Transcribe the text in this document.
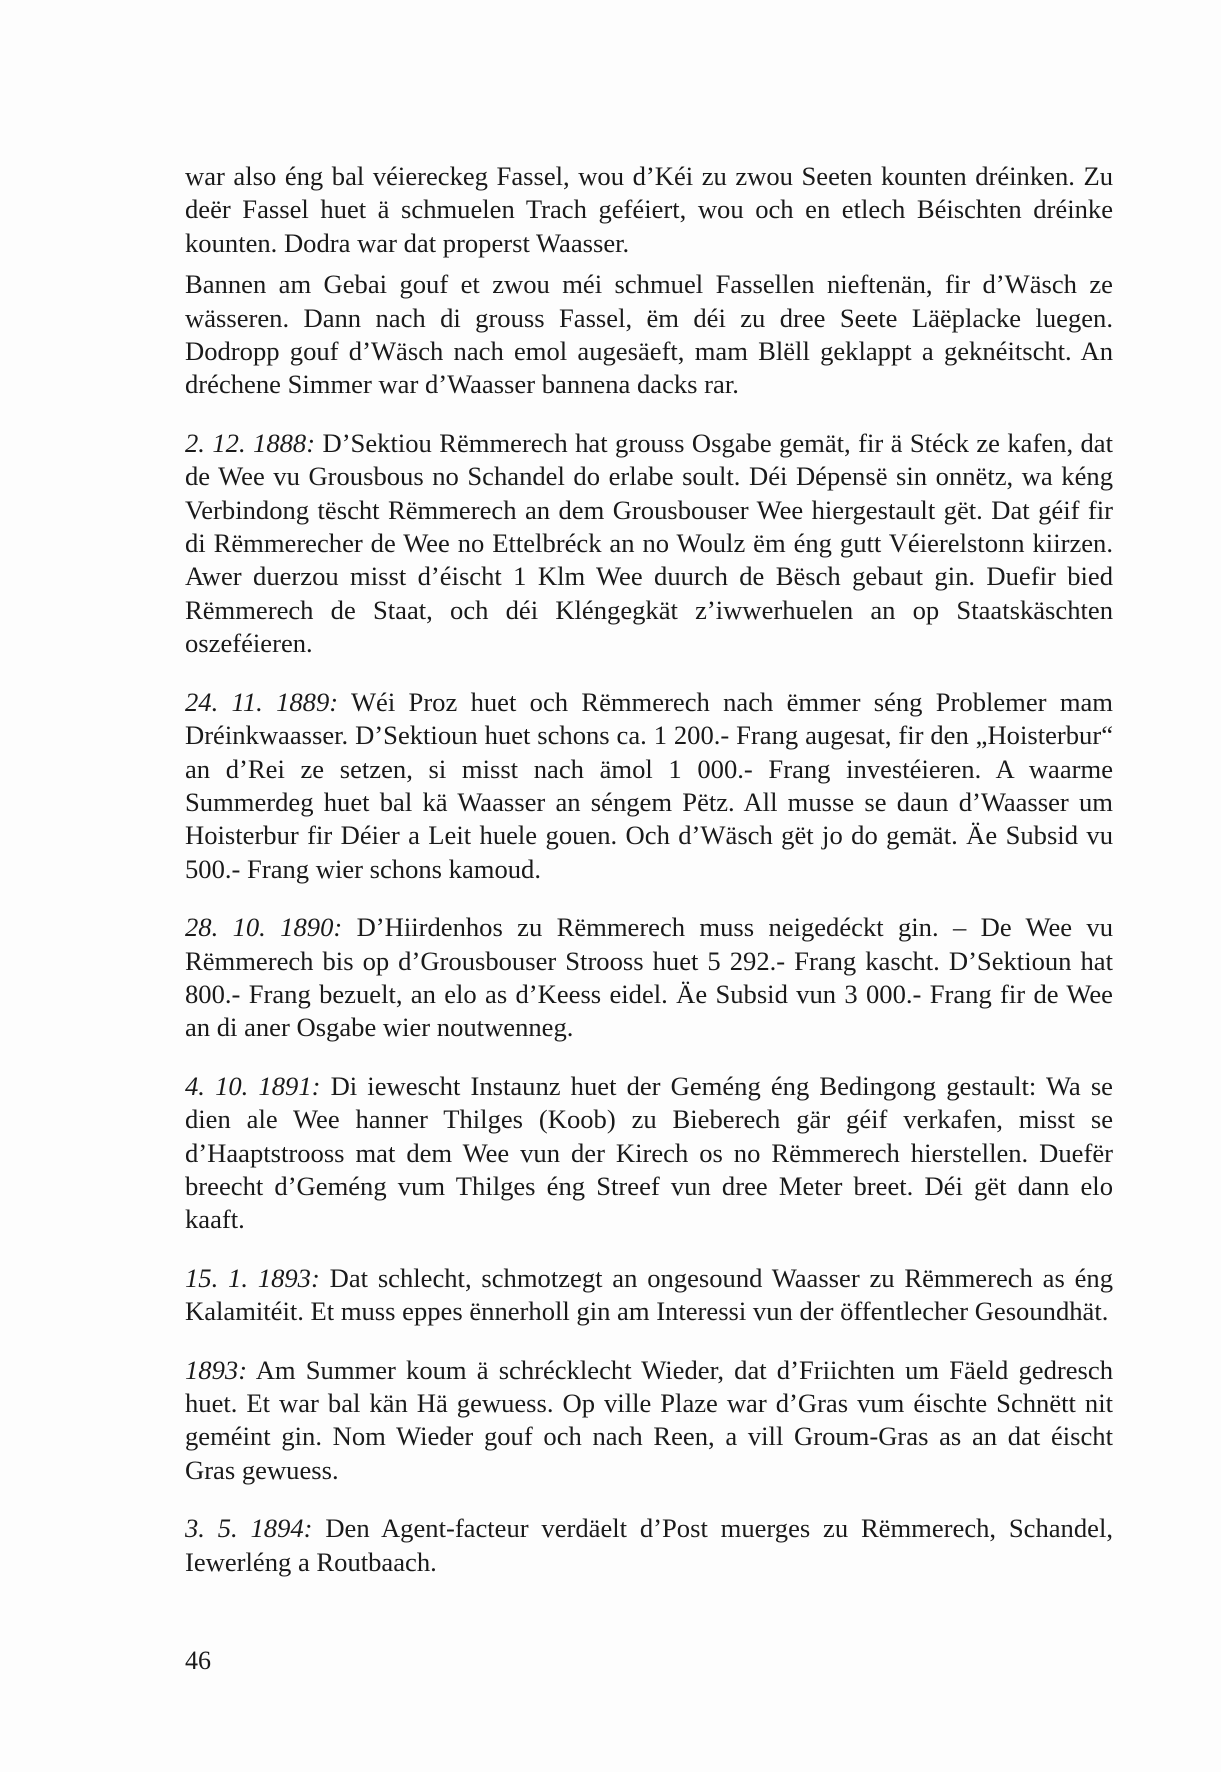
war also éng bal véiereckeg Fassel, wou d’Kéi zu zwou Seeten kounten dréinken. Zu deër Fassel huet ä schmuelen Trach geféiert, wou och en etlech Béischten dréinke kounten. Dodra war dat properst Waasser.

Bannen am Gebai gouf et zwou méi schmuel Fassellen nieftenän, fir d’Wäsch ze wässeren. Dann nach di grouss Fassel, ëm déi zu dree Seete Läëplacke luegen. Dodropp gouf d’Wäsch nach emol augesäeft, mam Blëll geklappt a geknéitscht. An dréchene Simmer war d’Waasser bannena dacks rar.

2. 12. 1888: D’Sektiou Rëmmerech hat grouss Osgabe gemät, fir ä Stéck ze kafen, dat de Wee vu Grousbous no Schandel do erlabe soult. Déi Dépensë sin onnëtz, wa kéng Verbindong tëscht Rëmmerech an dem Grousbouser Wee hiergestault gët. Dat géif fir di Rëmmerecher de Wee no Ettelbréck an no Woulz ëm éng gutt Véierelstonn kiirzen. Awer duerzou misst d’éischt 1 Klm Wee duurch de Bësch gebaut gin. Duefir bied Rëmmerech de Staat, och déi Kléngegkät z’iwwerhuelen an op Staatskäschten oszeféieren.

24. 11. 1889: Wéi Proz huet och Rëmmerech nach ëmmer séng Problemer mam Dréinkwaasser. D’Sektioun huet schons ca. 1 200.- Frang augesat, fir den „Hoisterbur“ an d’Rei ze setzen, si misst nach ämol 1 000.- Frang investéieren. A waarme Summerdeg huet bal kä Waasser an séngem Pëtz. All musse se daun d’Waasser um Hoisterbur fir Déier a Leit huele gouen. Och d’Wäsch gët jo do gemät. Äe Subsid vu 500.- Frang wier schons kamoud.

28. 10. 1890: D’Hiirdenhos zu Rëmmerech muss neigedéckt gin. – De Wee vu Rëmmerech bis op d’Grousbouser Strooss huet 5 292.- Frang kascht. D’Sektioun hat 800.- Frang bezuelt, an elo as d’Keess eidel. Äe Subsid vun 3 000.- Frang fir de Wee an di aner Osgabe wier noutwenneg.

4. 10. 1891: Di iewescht Instaunz huet der Geméng éng Bedingong gestault: Wa se dien ale Wee hanner Thilges (Koob) zu Bieberech gär géif verkafen, misst se d’Haaptstrooss mat dem Wee vun der Kirech os no Rëmmerech hierstellen. Duefër breecht d’Geméng vum Thilges éng Streef vun dree Meter breet. Déi gët dann elo kaaft.

15. 1. 1893: Dat schlecht, schmotzegt an ongesound Waasser zu Rëmmerech as éng Kalamitéit. Et muss eppes ënnerholl gin am Interessi vun der öffentlecher Gesoundhät.

1893: Am Summer koum ä schrécklecht Wieder, dat d’Friichten um Fäeld gedresch huet. Et war bal kän Hä gewuess. Op ville Plaze war d’Gras vum éischte Schnëtt nit geméint gin. Nom Wieder gouf och nach Reen, a vill Groum-Gras as an dat éischt Gras gewuess.

3. 5. 1894: Den Agent-facteur verdäelt d’Post muerges zu Rëmmerech, Schandel, Iewerléng a Routbaach.

46
